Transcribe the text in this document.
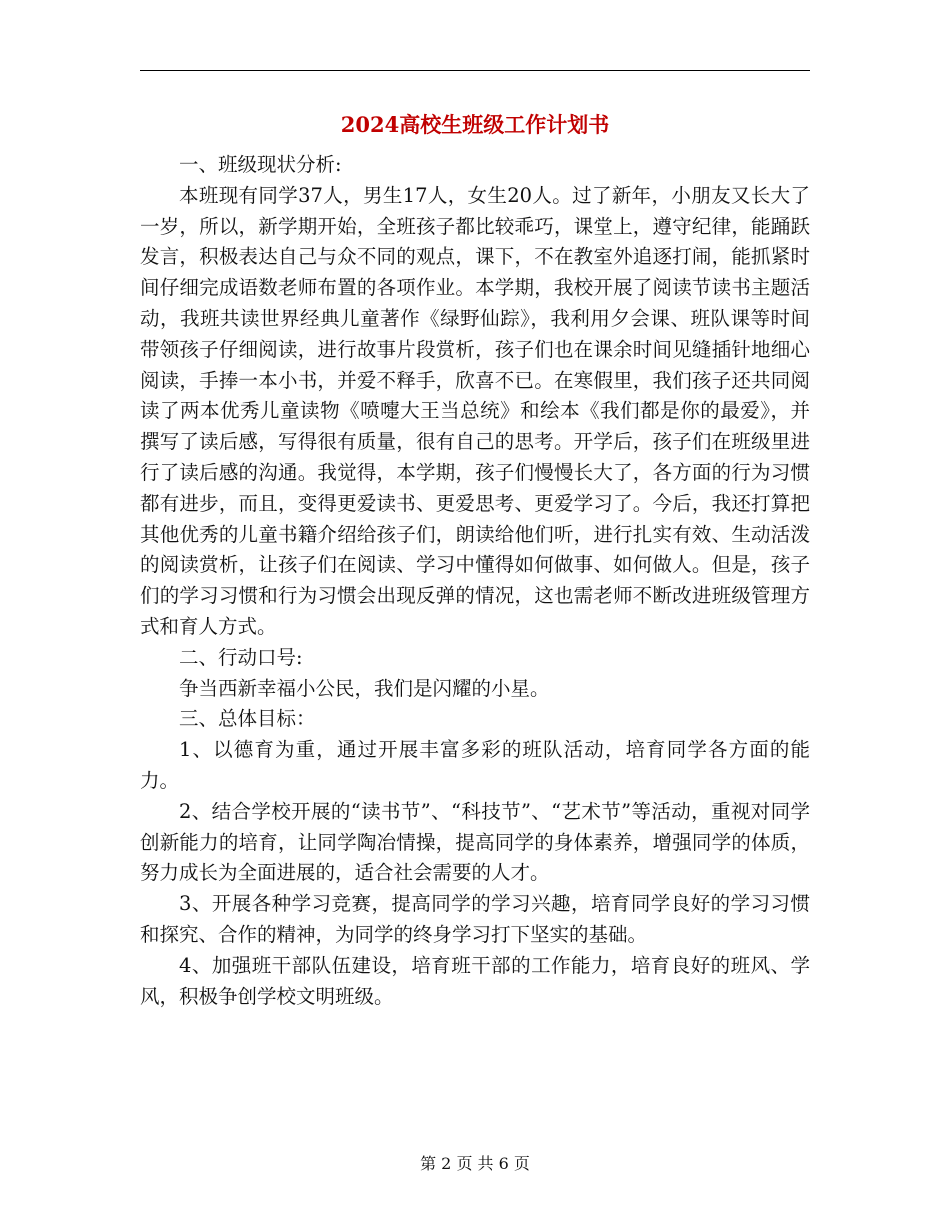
2024高校生班级工作计划书

一、班级现状分析:

本班现有同学37人，男生17人，女生20人。过了新年，小朋友又长大了一岁，所以，新学期开始，全班孩子都比较乖巧，课堂上，遵守纪律，能踊跃发言，积极表达自己与众不同的观点，课下，不在教室外追逐打闹，能抓紧时间仔细完成语数老师布置的各项作业。本学期，我校开展了阅读节读书主题活动，我班共读世界经典儿童著作《绿野仙踪》，我利用夕会课、班队课等时间带领孩子仔细阅读，进行故事片段赏析，孩子们也在课余时间见缝插针地细心阅读，手捧一本小书，并爱不释手，欣喜不已。在寒假里，我们孩子还共同阅读了两本优秀儿童读物《喷嚏大王当总统》和绘本《我们都是你的最爱》，并撰写了读后感，写得很有质量，很有自己的思考。开学后，孩子们在班级里进行了读后感的沟通。我觉得，本学期，孩子们慢慢长大了，各方面的行为习惯都有进步，而且，变得更爱读书、更爱思考、更爱学习了。今后，我还打算把其他优秀的儿童书籍介绍给孩子们，朗读给他们听，进行扎实有效、生动活泼的阅读赏析，让孩子们在阅读、学习中懂得如何做事、如何做人。但是，孩子们的学习习惯和行为习惯会出现反弹的情况，这也需老师不断改进班级管理方式和育人方式。

二、行动口号:

争当西新幸福小公民，我们是闪耀的小星。

三、总体目标：

1、以德育为重，通过开展丰富多彩的班队活动，培育同学各方面的能力。

2、结合学校开展的“读书节”、“科技节”、“艺术节”等活动，重视对同学创新能力的培育，让同学陶冶情操，提高同学的身体素养，增强同学的体质，努力成长为全面进展的，适合社会需要的人才。

3、开展各种学习竞赛，提高同学的学习兴趣，培育同学良好的学习习惯和探究、合作的精神，为同学的终身学习打下坚实的基础。

4、加强班干部队伍建设，培育班干部的工作能力，培育良好的班风、学风，积极争创学校文明班级。

第 2 页 共 6 页
